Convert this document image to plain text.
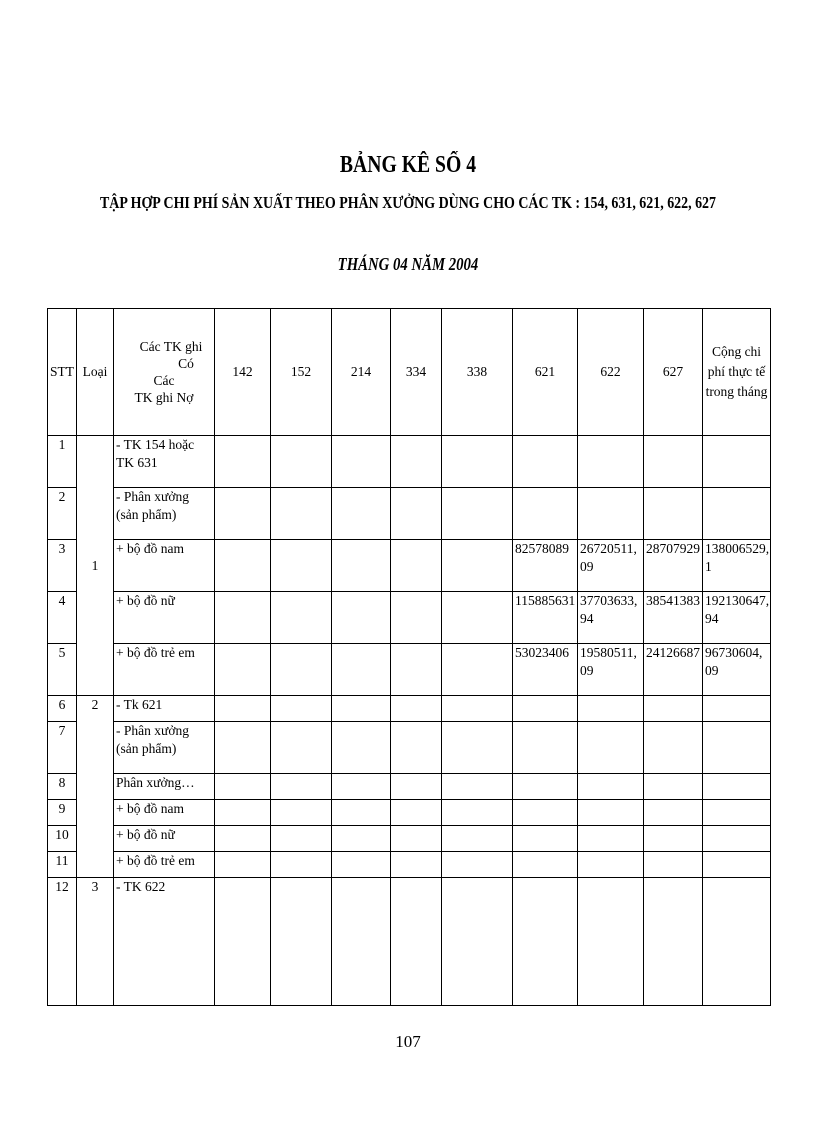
BẢNG KÊ SỐ 4
TẬP HỢP CHI PHÍ SẢN XUẤT THEO PHÂN XƯỞNG DÙNG CHO CÁC TK : 154, 631, 621, 622, 627
THÁNG 04 NĂM 2004
STT	Loại	Các TK ghi
Có
Các
TK ghi Nợ	142	152	214	334	338	621	622	627	Cộng chi phí thực tế trong tháng
1	1	- TK 154 hoặc TK 631									
2		- Phân xưởng (sản phẩm)									
3		+ bộ đồ nam						82578089	26720511, 09	28707929	138006529, 1
4		+ bộ đồ nữ						115885631	37703633, 94	38541383	192130647, 94
5		+ bộ đồ trẻ em						53023406	19580511, 09	24126687	96730604, 09
6	2	- Tk 621									
7		- Phân xưởng (sản phẩm)									
8		Phân xưởng…									
9		+ bộ đồ nam									
10		+ bộ đồ nữ									
11		+ bộ đồ trẻ em									
12	3	- TK 622									
107
